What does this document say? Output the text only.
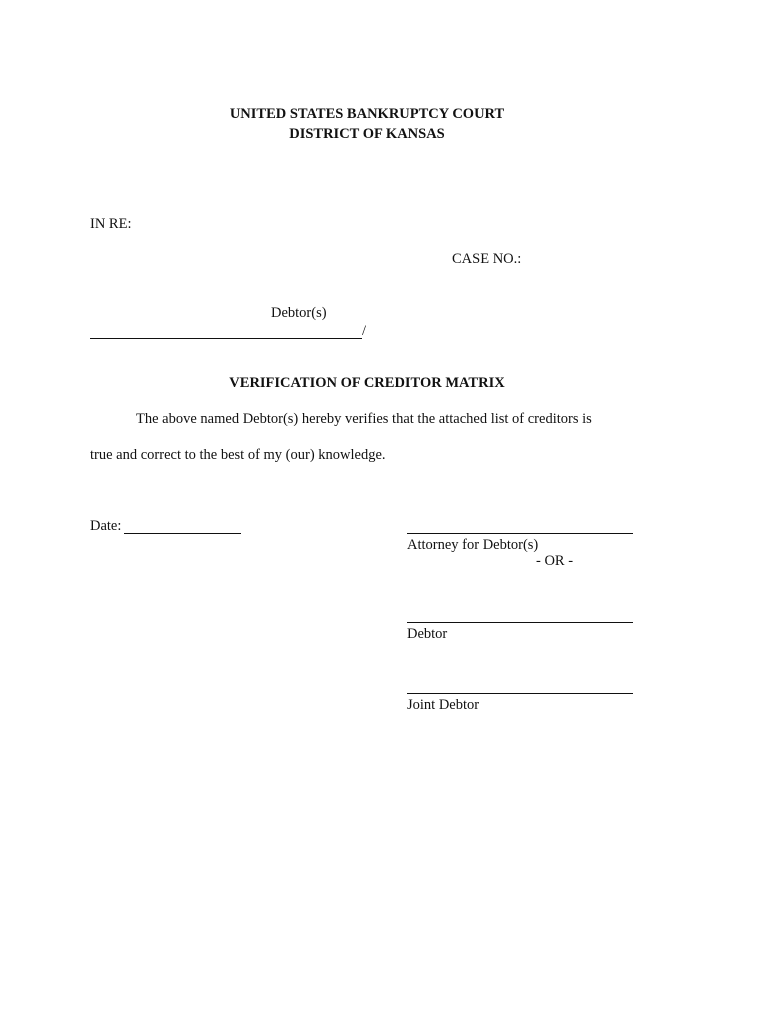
UNITED STATES BANKRUPTCY COURT
DISTRICT OF KANSAS
IN RE:
CASE NO.:
Debtor(s)
/
VERIFICATION OF CREDITOR MATRIX
The above named Debtor(s) hereby verifies that the attached list of creditors is
true and correct to the best of my (our) knowledge.
Date:
Attorney for Debtor(s)
- OR -
Debtor
Joint Debtor
